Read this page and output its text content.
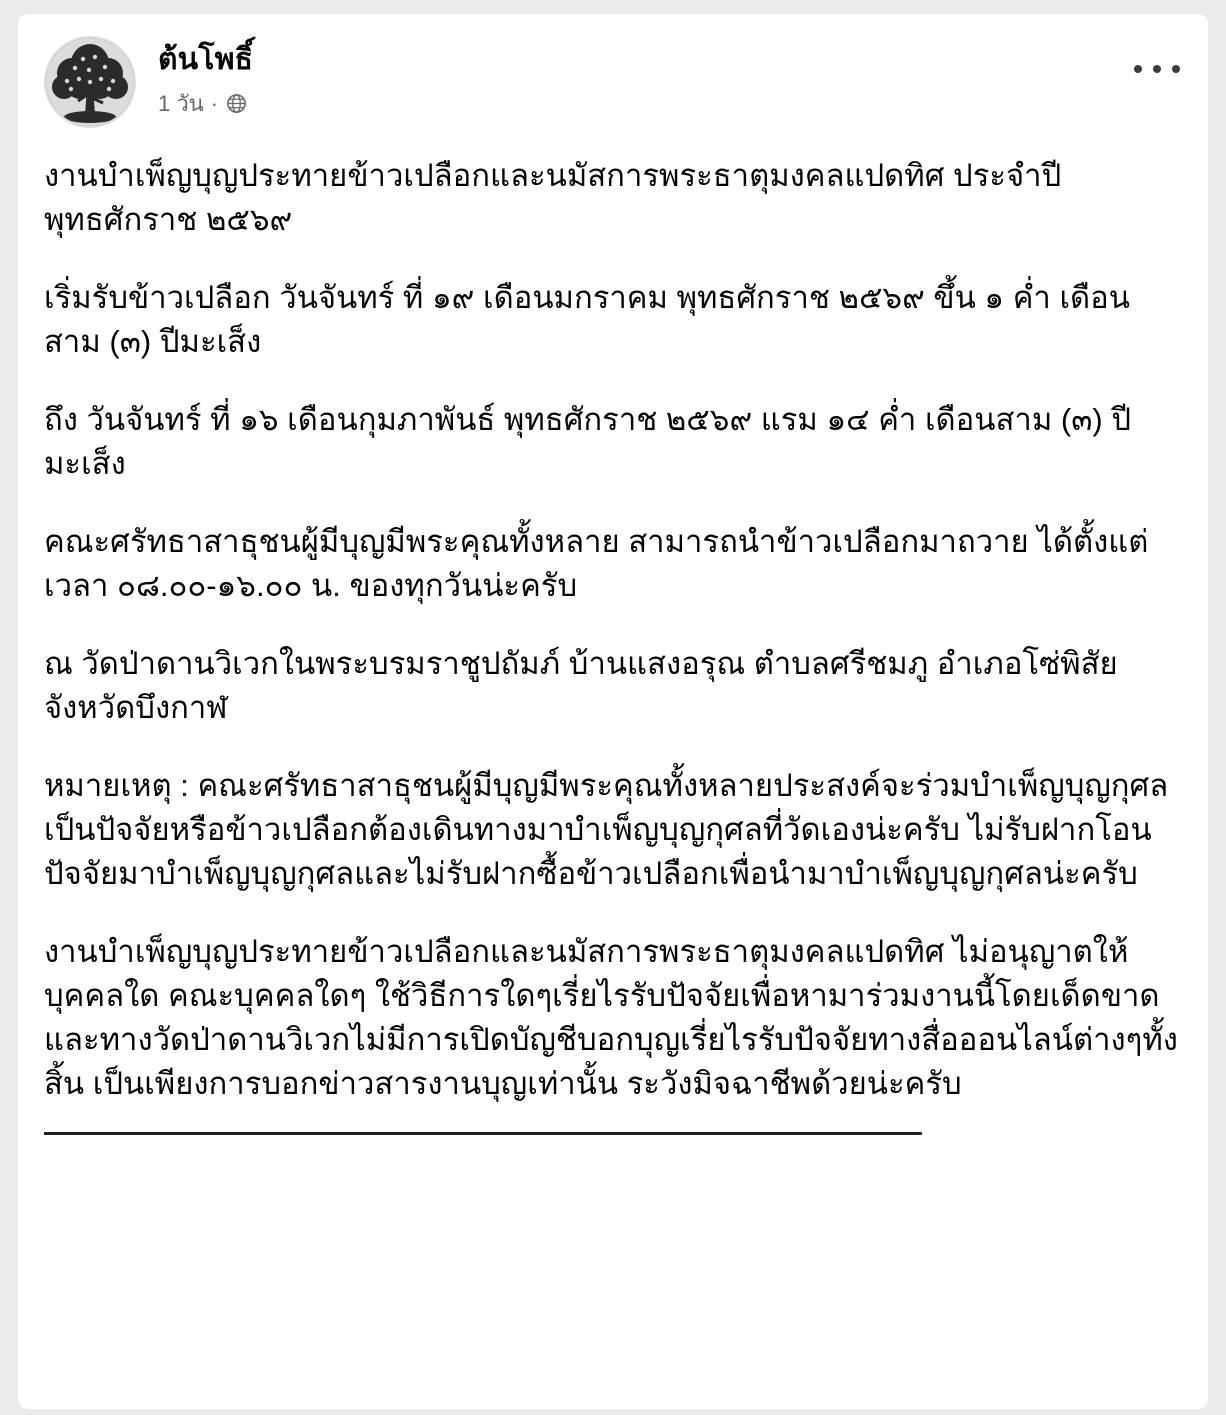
ต้นโพธิ์
1 วัน ·

งานบำเพ็ญบุญประทายข้าวเปลือกและนมัสการพระธาตุมงคลแปดทิศ ประจำปี พุทธศักราช ๒๕๖๙

เริ่มรับข้าวเปลือก วันจันทร์ ที่ ๑๙ เดือนมกราคม พุทธศักราช ๒๕๖๙ ขึ้น ๑ ค่ำ เดือนสาม (๓) ปีมะเส็ง

ถึง วันจันทร์ ที่ ๑๖ เดือนกุมภาพันธ์ พุทธศักราช ๒๕๖๙ แรม ๑๔ ค่ำ เดือนสาม (๓) ปีมะเส็ง

คณะศรัทธาสาธุชนผู้มีบุญมีพระคุณทั้งหลาย สามารถนำข้าวเปลือกมาถวาย ได้ตั้งแต่เวลา ๐๘.๐๐-๑๖.๐๐ น. ของทุกวันน่ะครับ

ณ วัดป่าดานวิเวกในพระบรมราชูปถัมภ์ บ้านแสงอรุณ ตำบลศรีชมภู อำเภอโซ่พิสัย จังหวัดบึงกาฬ

หมายเหตุ : คณะศรัทธาสาธุชนผู้มีบุญมีพระคุณทั้งหลายประสงค์จะร่วมบำเพ็ญบุญกุศลเป็นปัจจัยหรือข้าวเปลือกต้องเดินทางมาบำเพ็ญบุญกุศลที่วัดเองน่ะครับ ไม่รับฝากโอนปัจจัยมาบำเพ็ญบุญกุศลและไม่รับฝากซื้อข้าวเปลือกเพื่อนำมาบำเพ็ญบุญกุศลน่ะครับ

งานบำเพ็ญบุญประทายข้าวเปลือกและนมัสการพระธาตุมงคลแปดทิศ ไม่อนุญาตให้บุคคลใด คณะบุคคลใดๆ ใช้วิธีการใดๆเรี่ยไรรับปัจจัยเพื่อหามาร่วมงานนี้โดยเด็ดขาด และทางวัดป่าดานวิเวกไม่มีการเปิดบัญชีบอกบุญเรี่ยไรรับปัจจัยทางสื่อออนไลน์ต่างๆทั้งสิ้น เป็นเพียงการบอกข่าวสารงานบุญเท่านั้น ระวังมิจฉาชีพด้วยน่ะครับ
